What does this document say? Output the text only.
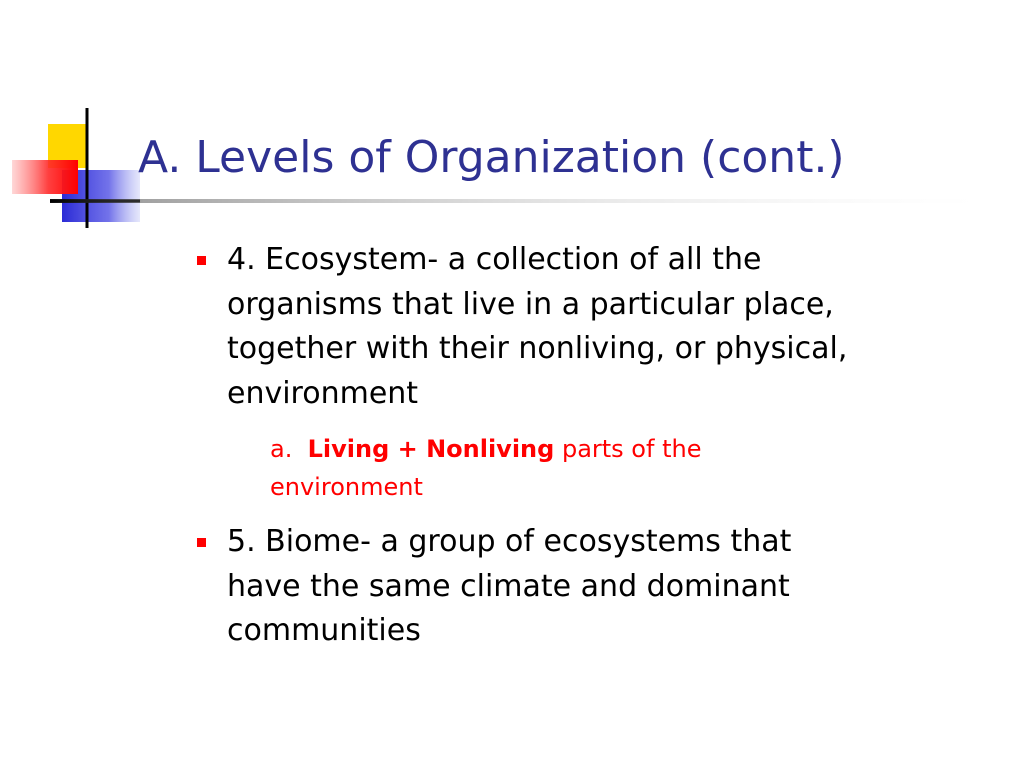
A. Levels of Organization (cont.)
4. Ecosystem- a collection of all the
organisms that live in a particular place,
together with their nonliving, or physical,
environment
a.  Living + Nonliving parts of the
environment
5. Biome- a group of ecosystems that
have the same climate and dominant
communities
